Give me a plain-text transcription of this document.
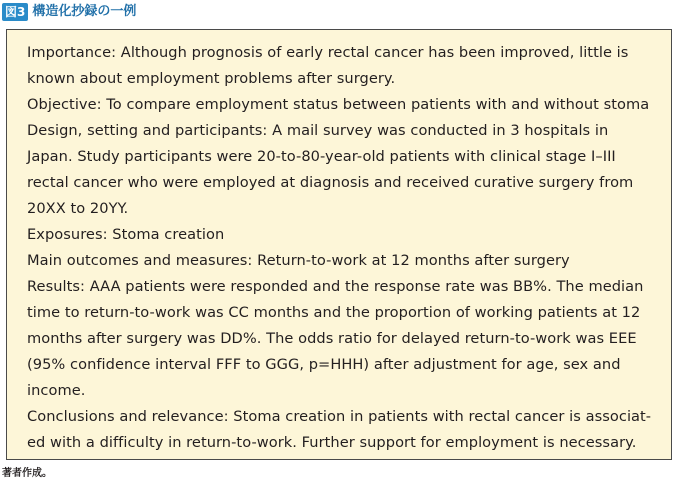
図3 構造化抄録の一例

Importance: Although prognosis of early rectal cancer has been improved, little is

known about employment problems after surgery.

Objective: To compare employment status between patients with and without stoma

Design, setting and participants: A mail survey was conducted in 3 hospitals in

Japan. Study participants were 20-to-80-year-old patients with clinical stage I–III

rectal cancer who were employed at diagnosis and received curative surgery from

20XX to 20YY.

Exposures: Stoma creation

Main outcomes and measures: Return-to-work at 12 months after surgery

Results: AAA patients were responded and the response rate was BB%. The median

time to return-to-work was CC months and the proportion of working patients at 12

months after surgery was DD%. The odds ratio for delayed return-to-work was EEE

(95% confidence interval FFF to GGG, p=HHH) after adjustment for age, sex and

income.

Conclusions and relevance: Stoma creation in patients with rectal cancer is associat-

ed with a difficulty in return-to-work. Further support for employment is necessary.

著者作成。
